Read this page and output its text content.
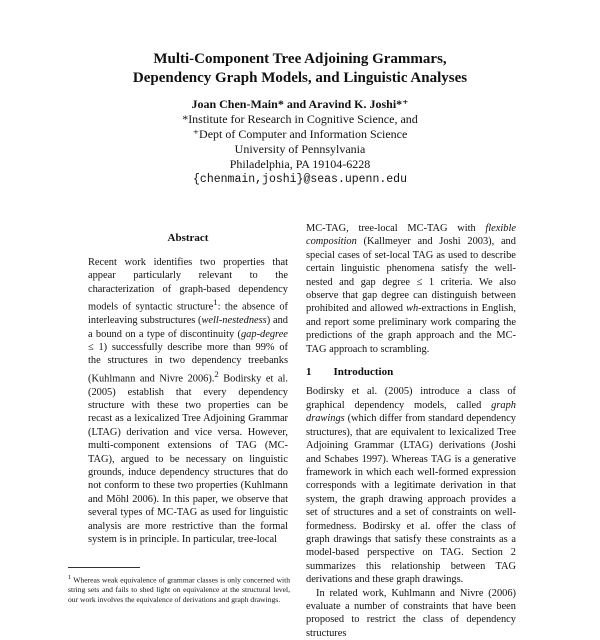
Multi-Component Tree Adjoining Grammars,
Dependency Graph Models, and Linguistic Analyses
Joan Chen-Main* and Aravind K. Joshi*⁺
*Institute for Research in Cognitive Science, and
⁺Dept of Computer and Information Science
University of Pennsylvania
Philadelphia, PA 19104-6228
{chenmain,joshi}@seas.upenn.edu
Abstract

Recent work identifies two properties that appear particularly relevant to the characterization of graph-based dependency models of syntactic structure$^1$: the absence of interleaving substructures (well-nestedness) and a bound on a type of discontinuity (gap-degree ≤ 1) successfully describe more than 99% of the structures in two dependency treebanks (Kuhlmann and Nivre 2006).$^2$ Bodirsky et al. (2005) establish that every dependency structure with these two properties can be recast as a lexicalized Tree Adjoining Grammar (LTAG) derivation and vice versa. However, multi-component extensions of TAG (MC-TAG), argued to be necessary on linguistic grounds, induce dependency structures that do not conform to these two properties (Kuhlmann and Möhl 2006). In this paper, we observe that several types of MC-TAG as used for linguistic analysis are more restrictive than the formal system is in principle. In particular, tree-local

MC-TAG, tree-local MC-TAG with flexible composition (Kallmeyer and Joshi 2003), and special cases of set-local TAG as used to describe certain linguistic phenomena satisfy the well-nested and gap degree ≤ 1 criteria. We also observe that gap degree can distinguish between prohibited and allowed wh-extractions in English, and report some preliminary work comparing the predictions of the graph approach and the MC-TAG approach to scrambling.

1  Introduction

Bodirsky et al. (2005) introduce a class of graphical dependency models, called graph drawings (which differ from standard dependency structures), that are equivalent to lexicalized Tree Adjoining Grammar (LTAG) derivations (Joshi and Schabes 1997). Whereas TAG is a generative framework in which each well-formed expression corresponds with a legitimate derivation in that system, the graph drawing approach provides a set of structures and a set of constraints on well-formedness. Bodirsky et al. offer the class of graph drawings that satisfy these constraints as a model-based perspective on TAG. Section 2 summarizes this relationship between TAG derivations and these graph drawings.

In related work, Kuhlmann and Nivre (2006) evaluate a number of constraints that have been proposed to restrict the class of dependency structures

$^1$ Whereas weak equivalence of grammar classes is only concerned with string sets and fails to shed light on equivalence at the structural level, our work involves the equivalence of derivations and graph drawings.
